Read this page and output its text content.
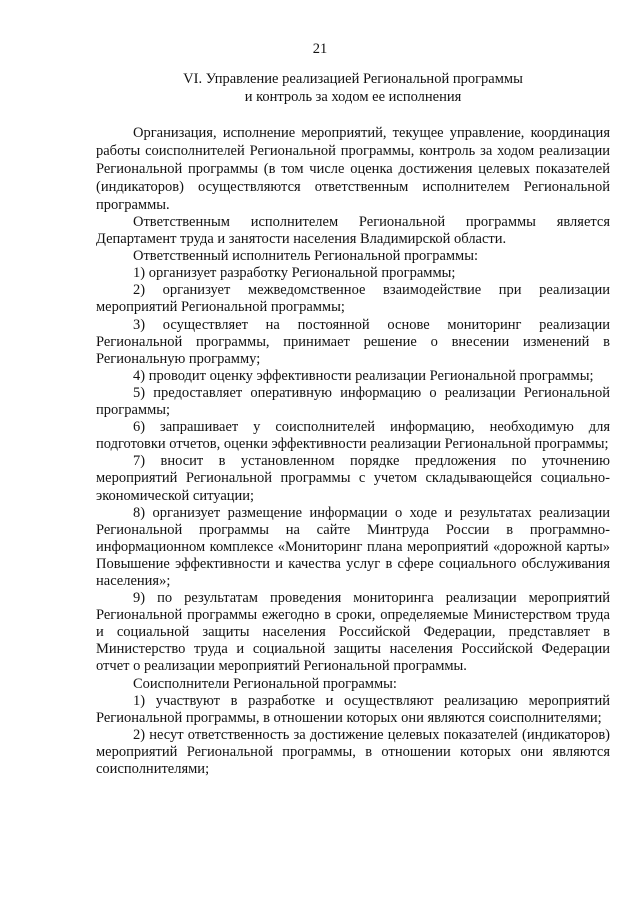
21
VI. Управление реализацией Региональной программы
и контроль за ходом ее исполнения

Организация, исполнение мероприятий, текущее управление, координация работы соисполнителей Региональной программы, контроль за ходом реализации Региональной программы (в том числе оценка достижения целевых показателей (индикаторов) осуществляются ответственным исполнителем Региональной программы.

Ответственным исполнителем Региональной программы является Департамент труда и занятости населения Владимирской области.

Ответственный исполнитель Региональной программы:

1) организует разработку Региональной программы;

2) организует межведомственное взаимодействие при реализации мероприятий Региональной программы;

3) осуществляет на постоянной основе мониторинг реализации Региональной программы, принимает решение о внесении изменений в Региональную программу;

4) проводит оценку эффективности реализации Региональной программы;

5) предоставляет оперативную информацию о реализации Региональной программы;

6) запрашивает у соисполнителей информацию, необходимую для подготовки отчетов, оценки эффективности реализации Региональной программы;

7) вносит в установленном порядке предложения по уточнению мероприятий Региональной программы с учетом складывающейся социально-экономической ситуации;

8) организует размещение информации о ходе и результатах реализации Региональной программы на сайте Минтруда России в программно-информационном комплексе «Мониторинг плана мероприятий «дорожной карты» Повышение эффективности и качества услуг в сфере социального обслуживания населения»;

9) по результатам проведения мониторинга реализации мероприятий Региональной программы ежегодно в сроки, определяемые Министерством труда и социальной защиты населения Российской Федерации, представляет в Министерство труда и социальной защиты населения Российской Федерации отчет о реализации мероприятий Региональной программы.

Соисполнители Региональной программы:

1) участвуют в разработке и осуществляют реализацию мероприятий Региональной программы, в отношении которых они являются соисполнителями;

2) несут ответственность за достижение целевых показателей (индикаторов) мероприятий Региональной программы, в отношении которых они являются соисполнителями;
